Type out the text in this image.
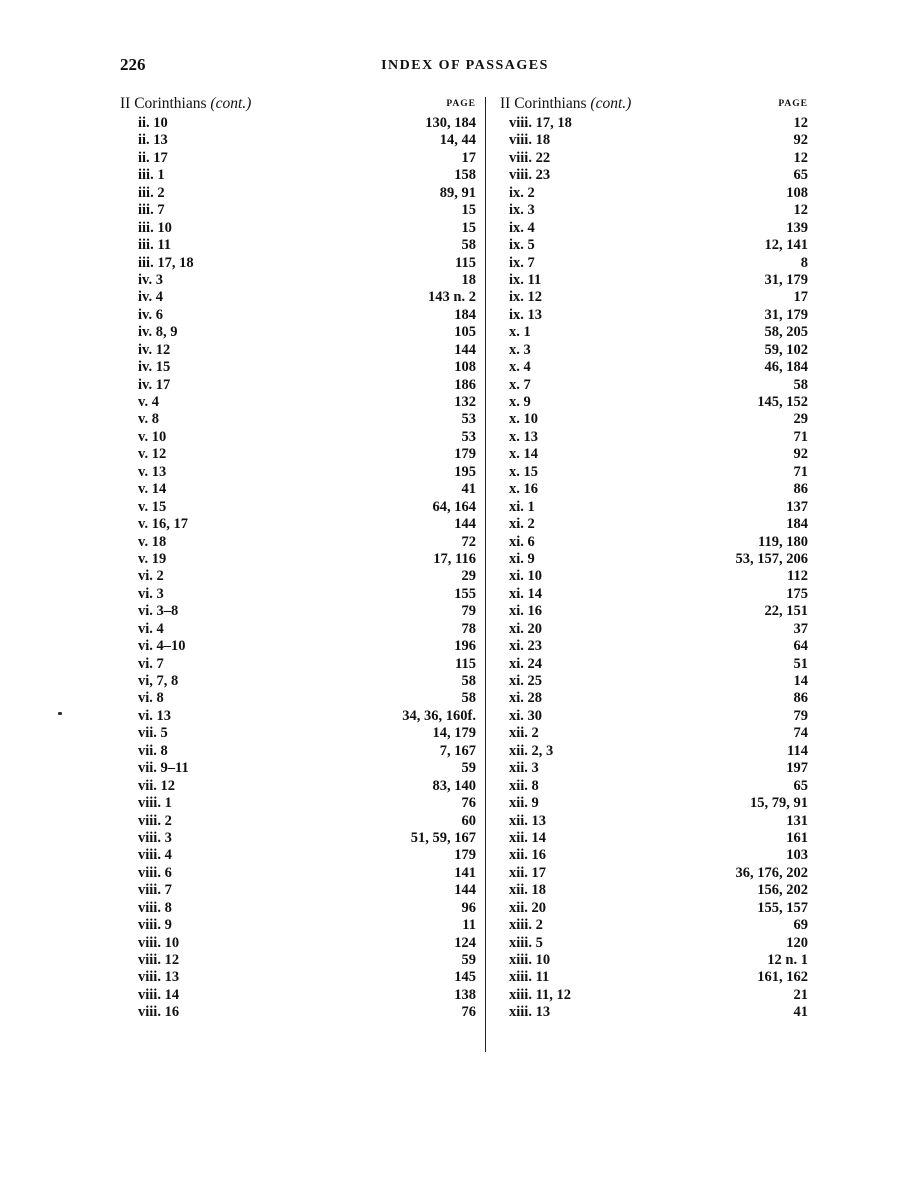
226	INDEX OF PASSAGES
II Corinthians (cont.)	PAGE
ii. 10	130, 184
ii. 13	14, 44
ii. 17	17
iii. 1	158
iii. 2	89, 91
iii. 7	15
iii. 10	15
iii. 11	58
iii. 17, 18	115
iv. 3	18
iv. 4	143 n. 2
iv. 6	184
iv. 8, 9	105
iv. 12	144
iv. 15	108
iv. 17	186
v. 4	132
v. 8	53
v. 10	53
v. 12	179
v. 13	195
v. 14	41
v. 15	64, 164
v. 16, 17	144
v. 18	72
v. 19	17, 116
vi. 2	29
vi. 3	155
vi. 3–8	79
vi. 4	78
vi. 4–10	196
vi. 7	115
vi, 7, 8	58
vi. 8	58
vi. 13	34, 36, 160f.
vii. 5	14, 179
vii. 8	7, 167
vii. 9–11	59
vii. 12	83, 140
viii. 1	76
viii. 2	60
viii. 3	51, 59, 167
viii. 4	179
viii. 6	141
viii. 7	144
viii. 8	96
viii. 9	11
viii. 10	124
viii. 12	59
viii. 13	145
viii. 14	138
viii. 16	76
II Corinthians (cont.)	PAGE
viii. 17, 18	12
viii. 18	92
viii. 22	12
viii. 23	65
ix. 2	108
ix. 3	12
ix. 4	139
ix. 5	12, 141
ix. 7	8
ix. 11	31, 179
ix. 12	17
ix. 13	31, 179
x. 1	58, 205
x. 3	59, 102
x. 4	46, 184
x. 7	58
x. 9	145, 152
x. 10	29
x. 13	71
x. 14	92
x. 15	71
x. 16	86
xi. 1	137
xi. 2	184
xi. 6	119, 180
xi. 9	53, 157, 206
xi. 10	112
xi. 14	175
xi. 16	22, 151
xi. 20	37
xi. 23	64
xi. 24	51
xi. 25	14
xi. 28	86
xi. 30	79
xii. 2	74
xii. 2, 3	114
xii. 3	197
xii. 8	65
xii. 9	15, 79, 91
xii. 13	131
xii. 14	161
xii. 16	103
xii. 17	36, 176, 202
xii. 18	156, 202
xii. 20	155, 157
xiii. 2	69
xiii. 5	120
xiii. 10	12 n. 1
xiii. 11	161, 162
xiii. 11, 12	21
xiii. 13	41
